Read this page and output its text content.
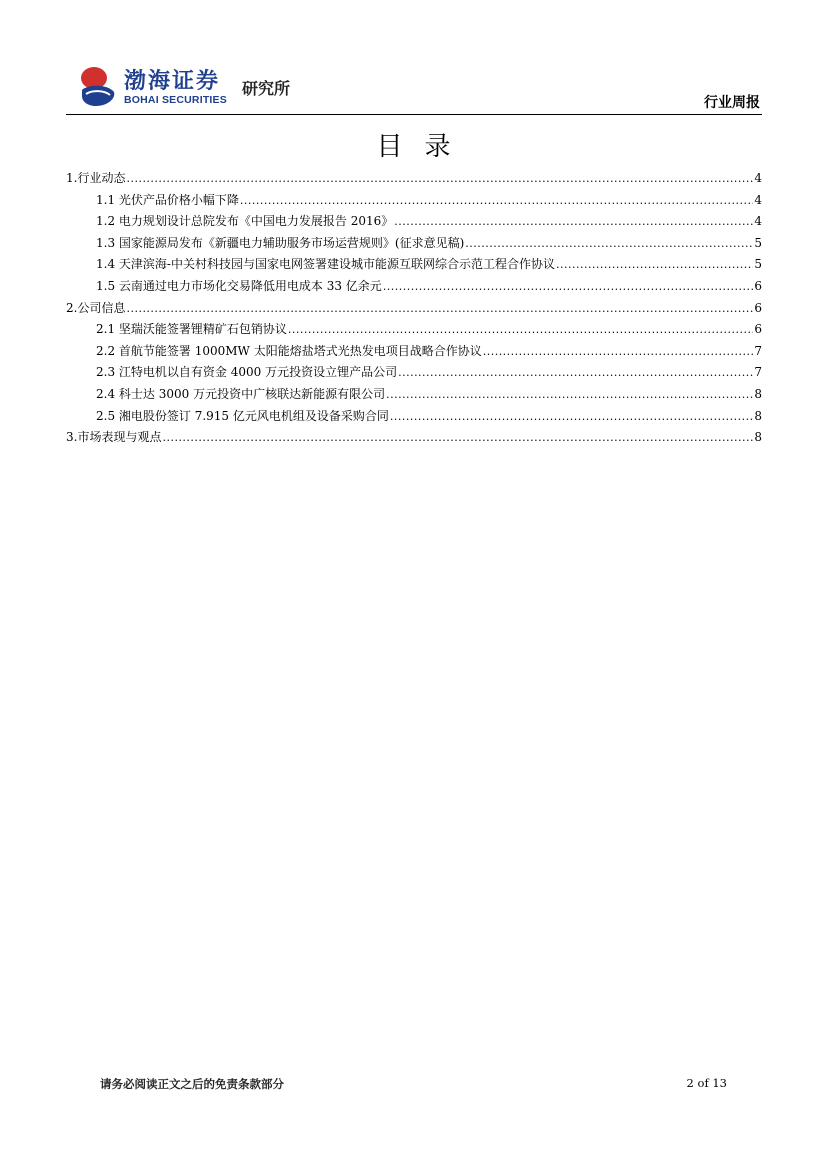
渤海证券
BOHAI SECURITIES
研究所
行业周报
目录
1.行业动态 .....	4
1.1 光伏产品价格小幅下降 .....	4
1.2 电力规划设计总院发布《中国电力发展报告 2016》 .....	4
1.3 国家能源局发布《新疆电力辅助服务市场运营规则》(征求意见稿) .....	5
1.4 天津滨海-中关村科技园与国家电网签署建设城市能源互联网综合示范工程合作协议 .....	5
1.5 云南通过电力市场化交易降低用电成本 33 亿余元 .....	6
2.公司信息 .....	6
2.1 坚瑞沃能签署锂精矿石包销协议 .....	6
2.2 首航节能签署 1000MW 太阳能熔盐塔式光热发电项目战略合作协议 .....	7
2.3 江特电机以自有资金 4000 万元投资设立锂产品公司 .....	7
2.4 科士达 3000 万元投资中广核联达新能源有限公司 .....	8
2.5 湘电股份签订 7.915 亿元风电机组及设备采购合同 .....	8
3.市场表现与观点 .....	8
请务必阅读正文之后的免责条款部分	2 of 13
